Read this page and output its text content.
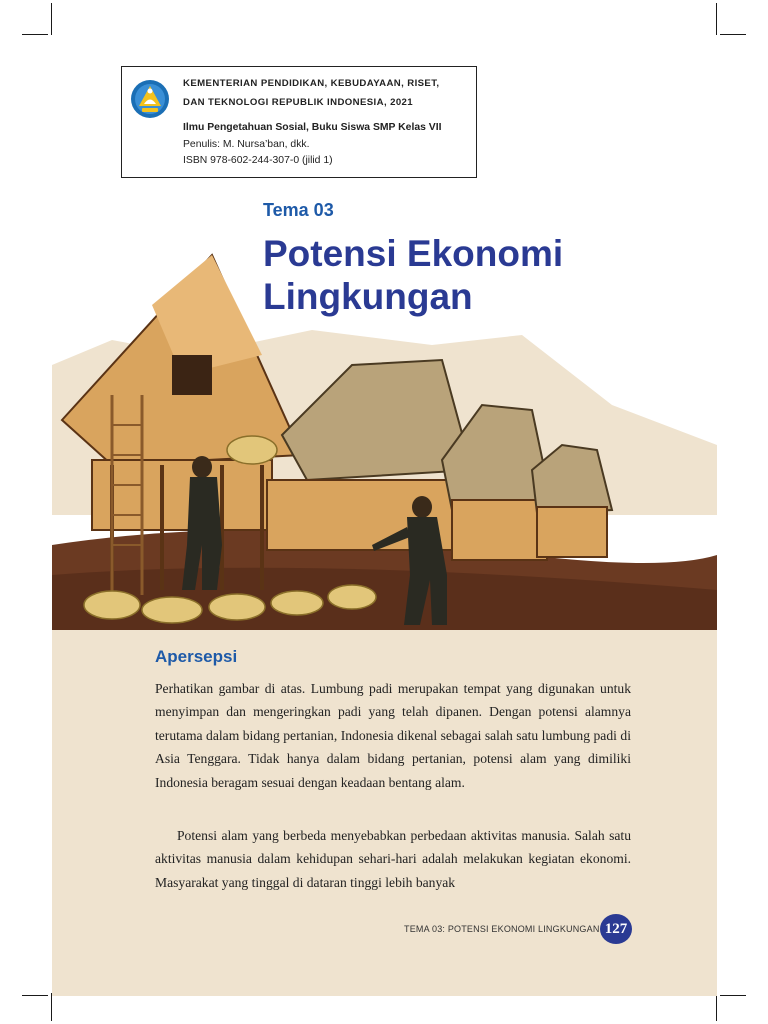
KEMENTERIAN PENDIDIKAN, KEBUDAYAAN, RISET,
DAN TEKNOLOGI REPUBLIK INDONESIA, 2021
Ilmu Pengetahuan Sosial, Buku Siswa SMP Kelas VII
Penulis: M. Nursa’ban, dkk.
ISBN 978-602-244-307-0 (jilid 1)
Tema 03
Potensi Ekonomi Lingkungan
Apersepsi

Perhatikan gambar di atas. Lumbung padi merupakan tempat yang digunakan untuk menyimpan dan mengeringkan padi yang telah dipanen. Dengan potensi alamnya terutama dalam bidang pertanian, Indonesia dikenal sebagai salah satu lumbung padi di Asia Tenggara. Tidak hanya dalam bidang pertanian, potensi alam yang dimiliki Indonesia beragam sesuai dengan keadaan bentang alam.

Potensi alam yang berbeda menyebabkan perbedaan aktivitas manusia. Salah satu aktivitas manusia dalam kehidupan sehari-hari adalah melakukan kegiatan ekonomi. Masyarakat yang tinggal di dataran tinggi lebih banyak

TEMA 03: POTENSI EKONOMI LINGKUNGAN 127
